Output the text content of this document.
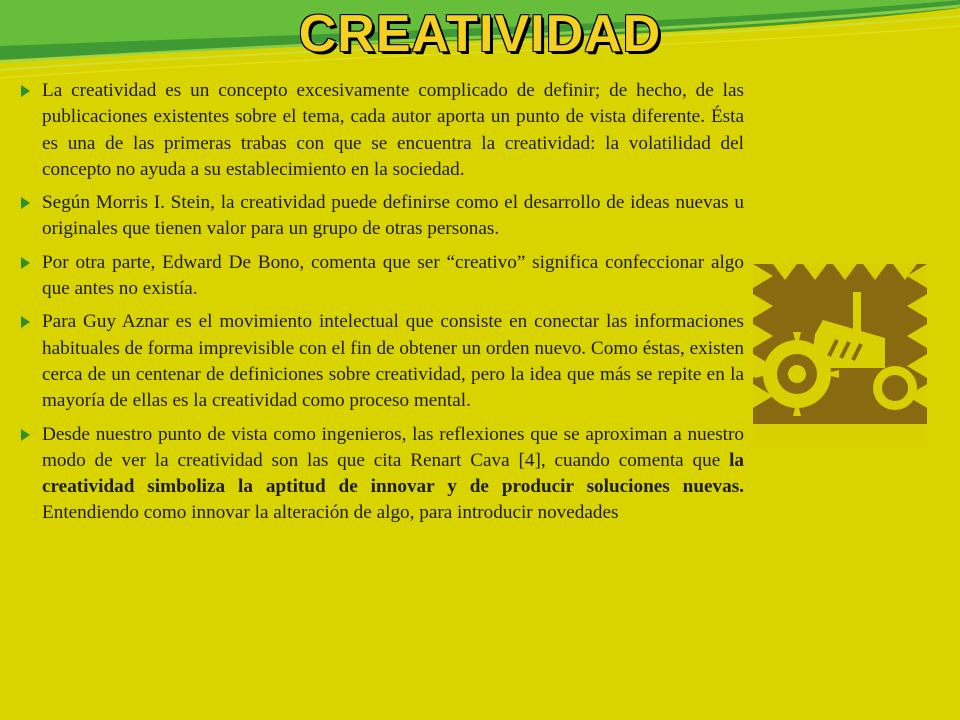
CREATIVIDAD

La creatividad es un concepto excesivamente complicado de definir; de hecho, de las publicaciones existentes sobre el tema, cada autor aporta un punto de vista diferente. Ésta es una de las primeras trabas con que se encuentra la creatividad: la volatilidad del concepto no ayuda a su establecimiento en la sociedad.

Según Morris I. Stein, la creatividad puede definirse como el desarrollo de ideas nuevas u originales que tienen valor para un grupo de otras personas.

Por otra parte, Edward De Bono, comenta que ser “creativo” significa confeccionar algo que antes no existía.

Para Guy Aznar es el movimiento intelectual que consiste en conectar las informaciones habituales de forma imprevisible con el fin de obtener un orden nuevo. Como éstas, existen cerca de un centenar de definiciones sobre creatividad, pero la idea que más se repite en la mayoría de ellas es la creatividad como proceso mental.

Desde nuestro punto de vista como ingenieros, las reflexiones que se aproximan a nuestro modo de ver la creatividad son las que cita Renart Cava [4], cuando comenta que la creatividad simboliza la aptitud de innovar y de producir soluciones nuevas. Entendiendo como innovar la alteración de algo, para introducir novedades
